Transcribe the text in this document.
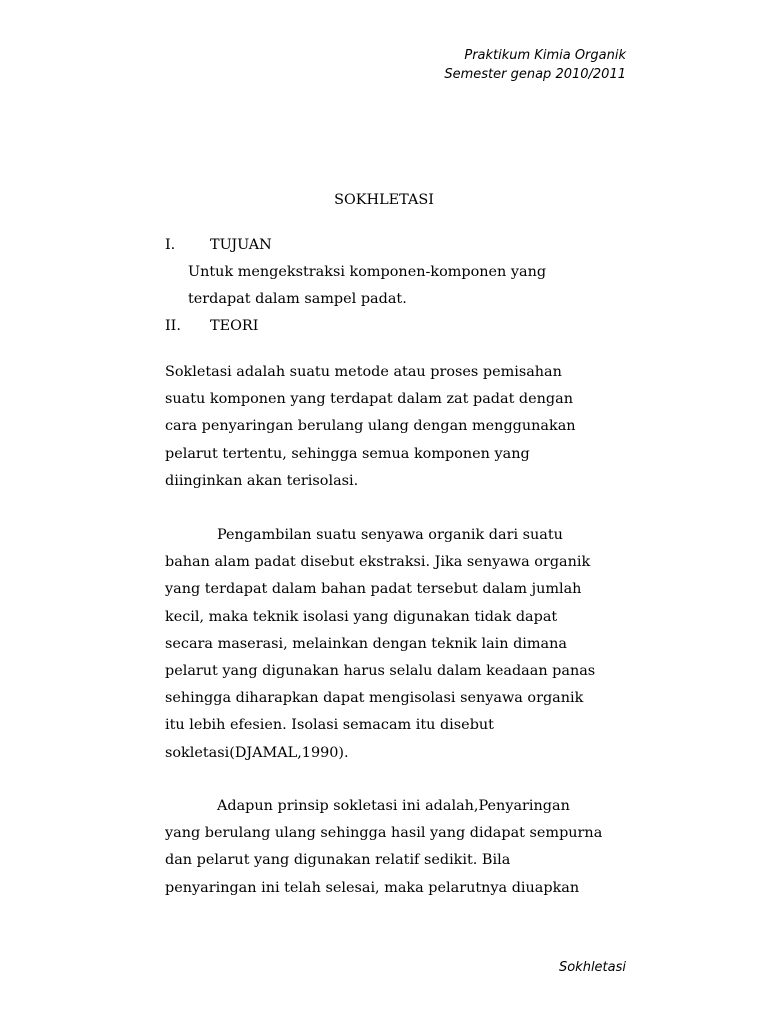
Praktikum Kimia Organik
Semester genap 2010/2011
SOKHLETASI
I. TUJUAN
Untuk mengekstraksi komponen-komponen yang
terdapat dalam sampel padat.
II. TEORI
Sokletasi adalah suatu metode atau proses pemisahan
suatu komponen yang terdapat dalam zat padat dengan
cara penyaringan berulang ulang dengan menggunakan
pelarut tertentu, sehingga semua komponen yang
diinginkan akan terisolasi.
Pengambilan suatu senyawa organik dari suatu
bahan alam padat disebut ekstraksi. Jika senyawa organik
yang terdapat dalam bahan padat tersebut dalam jumlah
kecil, maka teknik isolasi yang digunakan tidak dapat
secara maserasi, melainkan dengan teknik lain dimana
pelarut yang digunakan harus selalu dalam keadaan panas
sehingga diharapkan dapat mengisolasi senyawa organik
itu lebih efesien. Isolasi semacam itu disebut
sokletasi(DJAMAL,1990).
Adapun prinsip sokletasi ini adalah,Penyaringan
yang berulang ulang sehingga hasil yang didapat sempurna
dan pelarut yang digunakan relatif sedikit. Bila
penyaringan ini telah selesai, maka pelarutnya diuapkan
Sokhletasi
